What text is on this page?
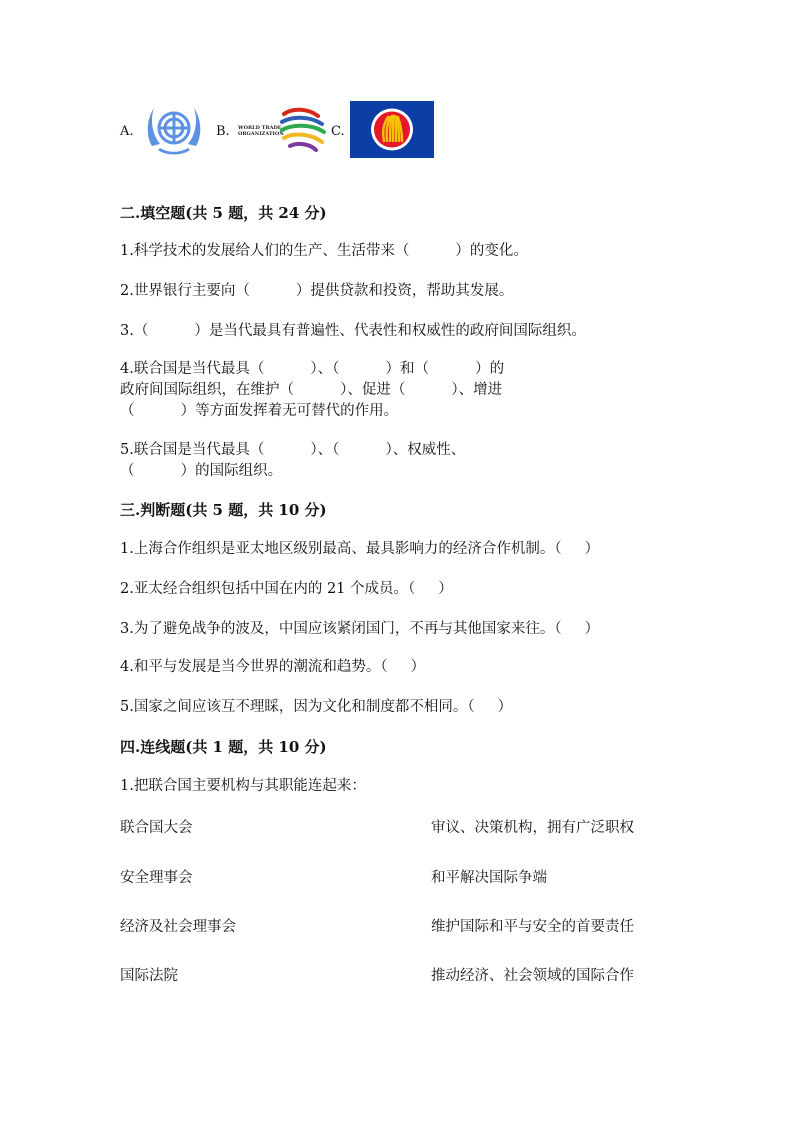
A.	B. WORLD TRADE
ORGANIZATION	C.
二.填空题(共 5 题，共 24 分)
1.科学技术的发展给人们的生产、生活带来（          ）的变化。
2.世界银行主要向（          ）提供贷款和投资，帮助其发展。
3.（          ）是当代最具有普遍性、代表性和权威性的政府间国际组织。
4.联合国是当代最具（          ）、（          ）和（          ）的
政府间国际组织，在维护（          ）、促进（          ）、增进
（          ）等方面发挥着无可替代的作用。
5.联合国是当代最具（          ）、（          ）、权威性、
（          ）的国际组织。
三.判断题(共 5 题，共 10 分)
1.上海合作组织是亚太地区级别最高、最具影响力的经济合作机制。（     ）
2.亚太经合组织包括中国在内的 21 个成员。（     ）
3.为了避免战争的波及，中国应该紧闭国门，不再与其他国家来往。（     ）
4.和平与发展是当今世界的潮流和趋势。（     ）
5.国家之间应该互不理睬，因为文化和制度都不相同。（     ）
四.连线题(共 1 题，共 10 分)
1.把联合国主要机构与其职能连起来：
联合国大会
安全理事会
经济及社会理事会
国际法院
审议、决策机构，拥有广泛职权
和平解决国际争端
维护国际和平与安全的首要责任
推动经济、社会领域的国际合作
